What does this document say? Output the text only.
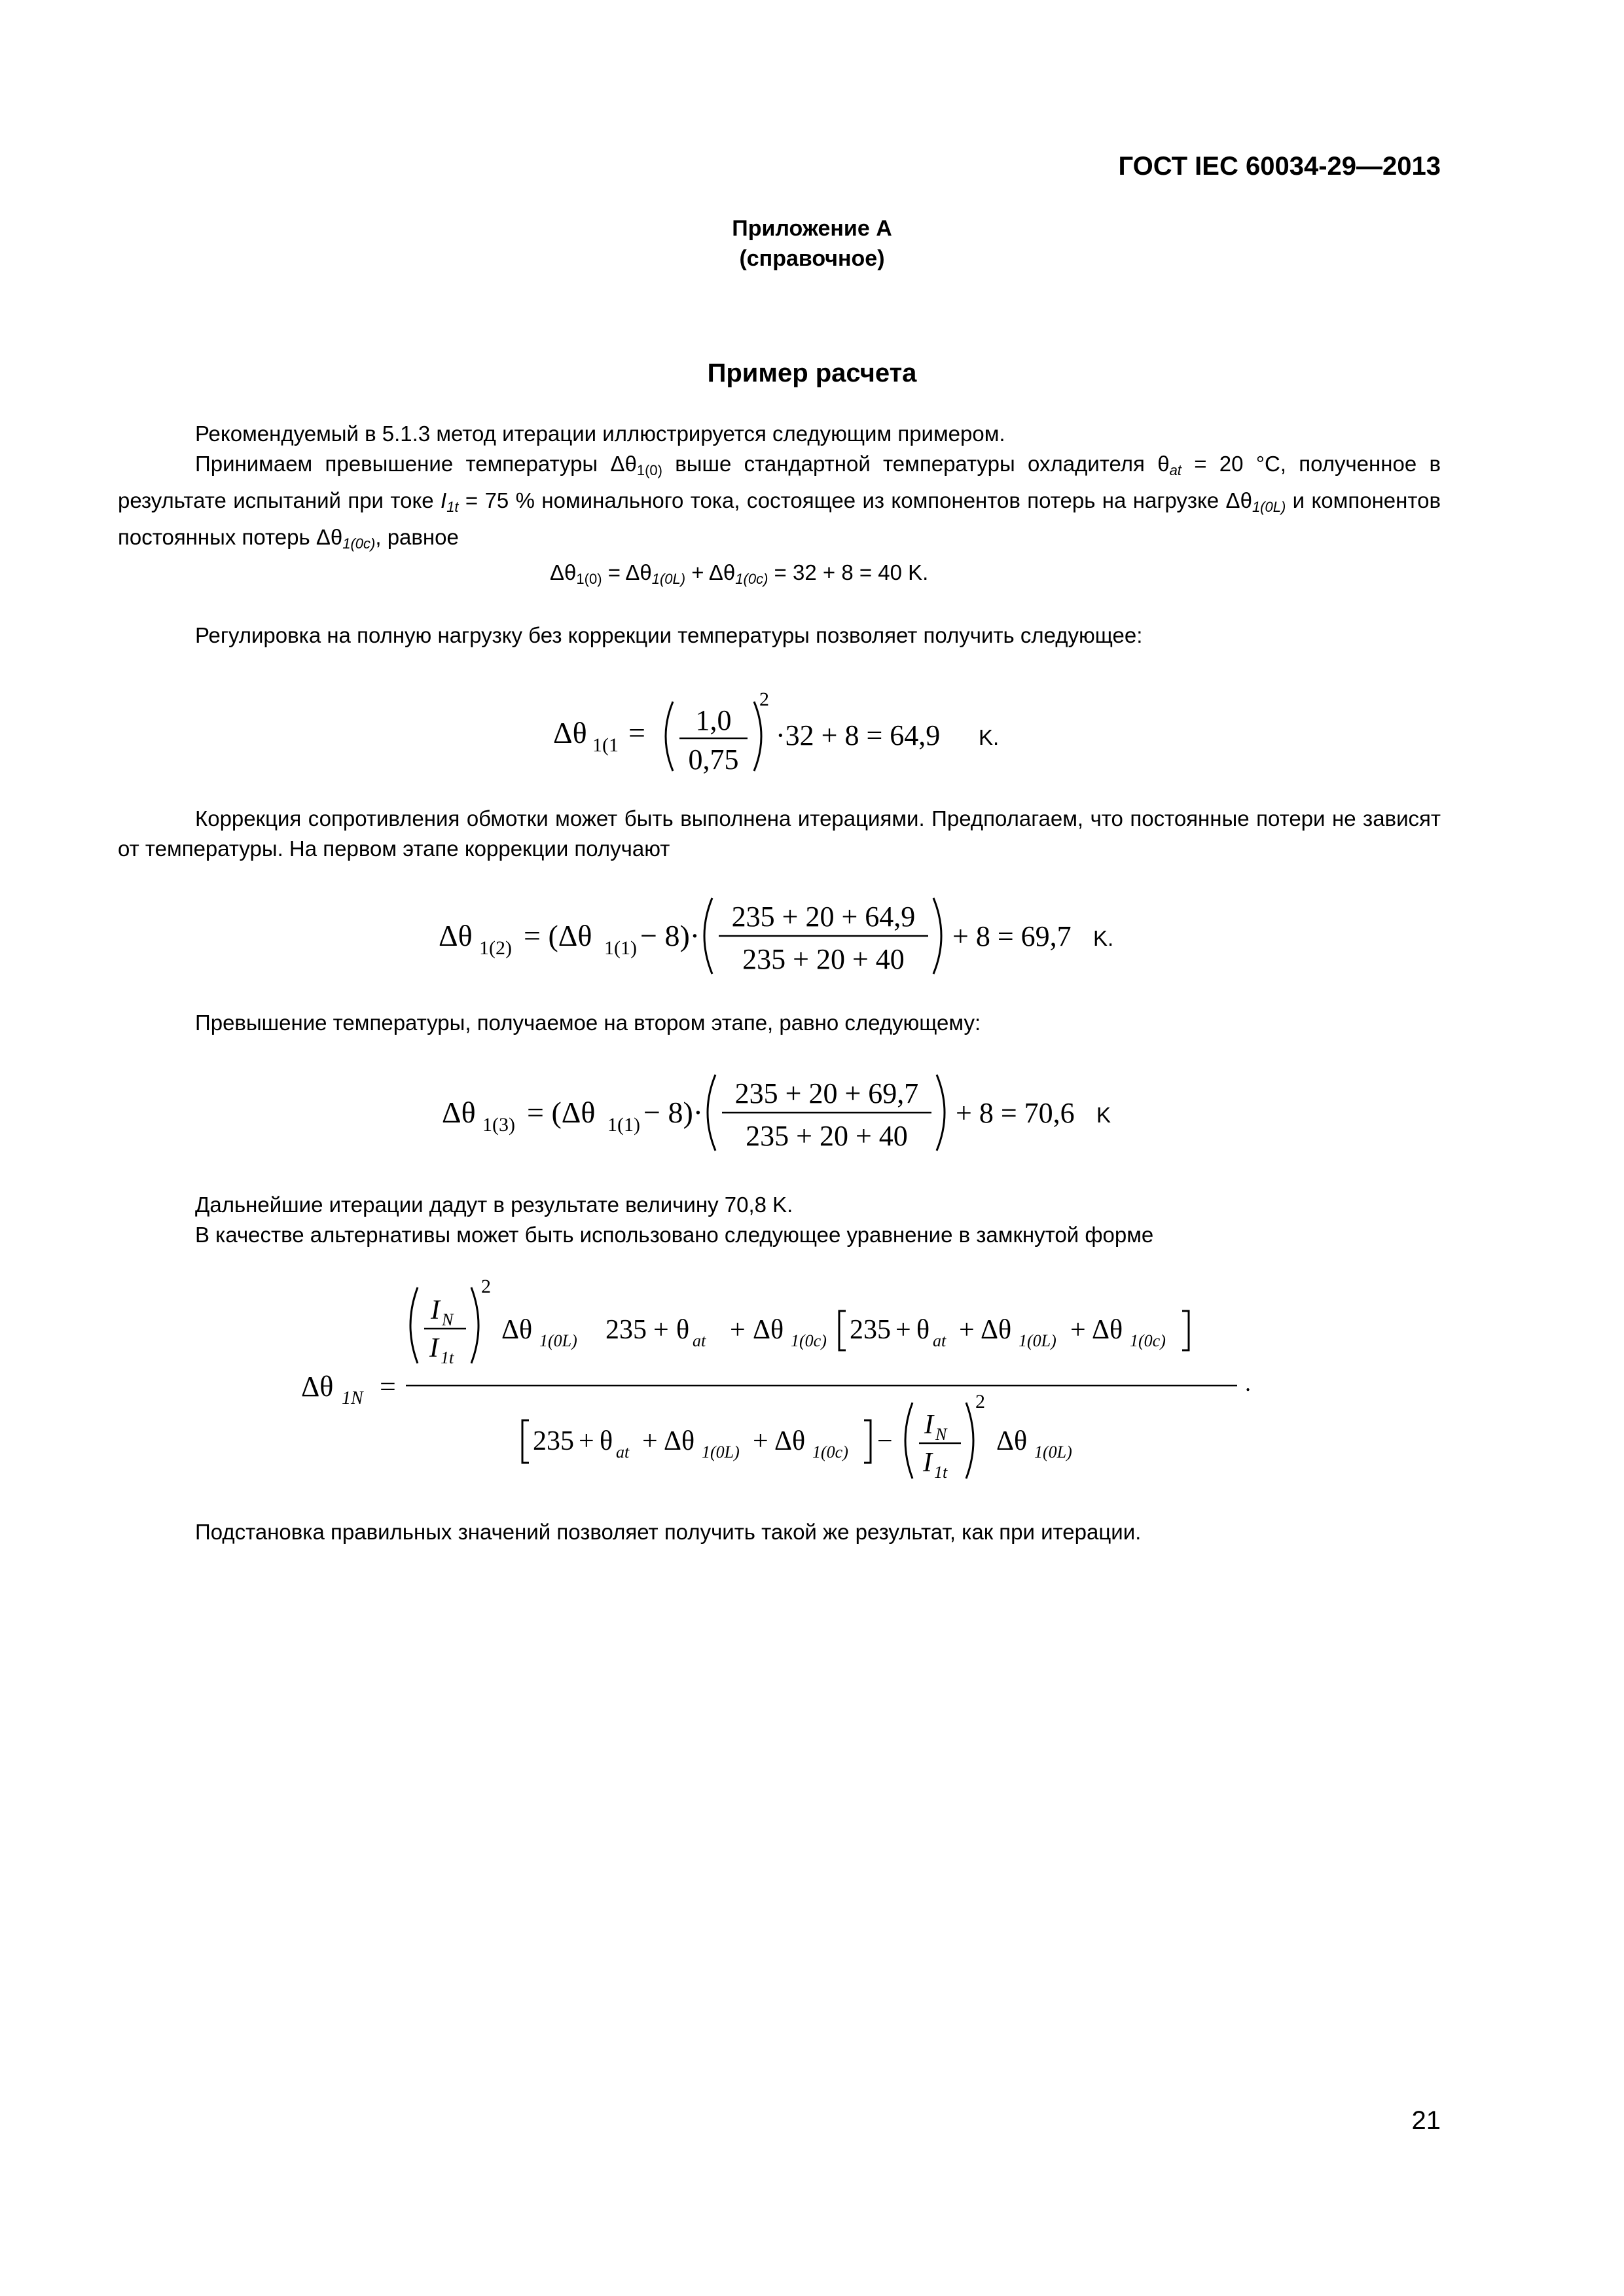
ГОСТ IEC 60034-29—2013
Приложение А
(справочное)
Пример расчета
Рекомендуемый в 5.1.3 метод итерации иллюстрируется следующим примером.
Принимаем превышение температуры $\Delta\theta_{1(0)}$ выше стандартной температуры охладителя θat = 20 °C, полученное в результате испытаний при токе I1t = 75 % номинального тока, состоящее из компонентов потерь на нагрузке Δθ1(0L) и компонентов постоянных потерь Δθ1(0c), равное
$\Delta\theta_{1(0)} = \Delta\theta 1(0L) + \Delta\theta 1(0c) = 32 + 8 = 40$ K.
Регулировка на полную нагрузку без коррекции температуры позволяет получить следующее:
Δθ 1(1 = 1,0
0,75
2
·32 + 8 = 64,9 K.
Коррекция сопротивления обмотки может быть выполнена итерациями. Предполагаем, что постоянные потери не зависят от температуры. На первом этапе коррекции получают
Δθ 1(2) = (Δθ 1(1) − 8)·
235 + 20 + 64,9
235 + 20 + 40
+ 8 = 69,7 K.
Превышение температуры, получаемое на втором этапе, равно следующему:
Δθ 1(3) = (Δθ 1(1) − 8)·
235 + 20 + 69,7
235 + 20 + 40
+ 8 = 70,6 K
Дальнейшие итерации дадут в результате величину 70,8 K.
В качестве альтернативы может быть использовано следующее уравнение в замкнутой форме
Δθ 1N =
I N
I 1t
2
Δθ 1(0L) 235 + θ at + Δθ 1(0c) 235 + θ at + Δθ 1(0L) + Δθ 1(0c)
.
235 + θ at + Δθ 1(0L) + Δθ 1(0c) −
I N
I 1t
2
Δθ 1(0L)
Подстановка правильных значений позволяет получить такой же результат, как при итерации.
21
